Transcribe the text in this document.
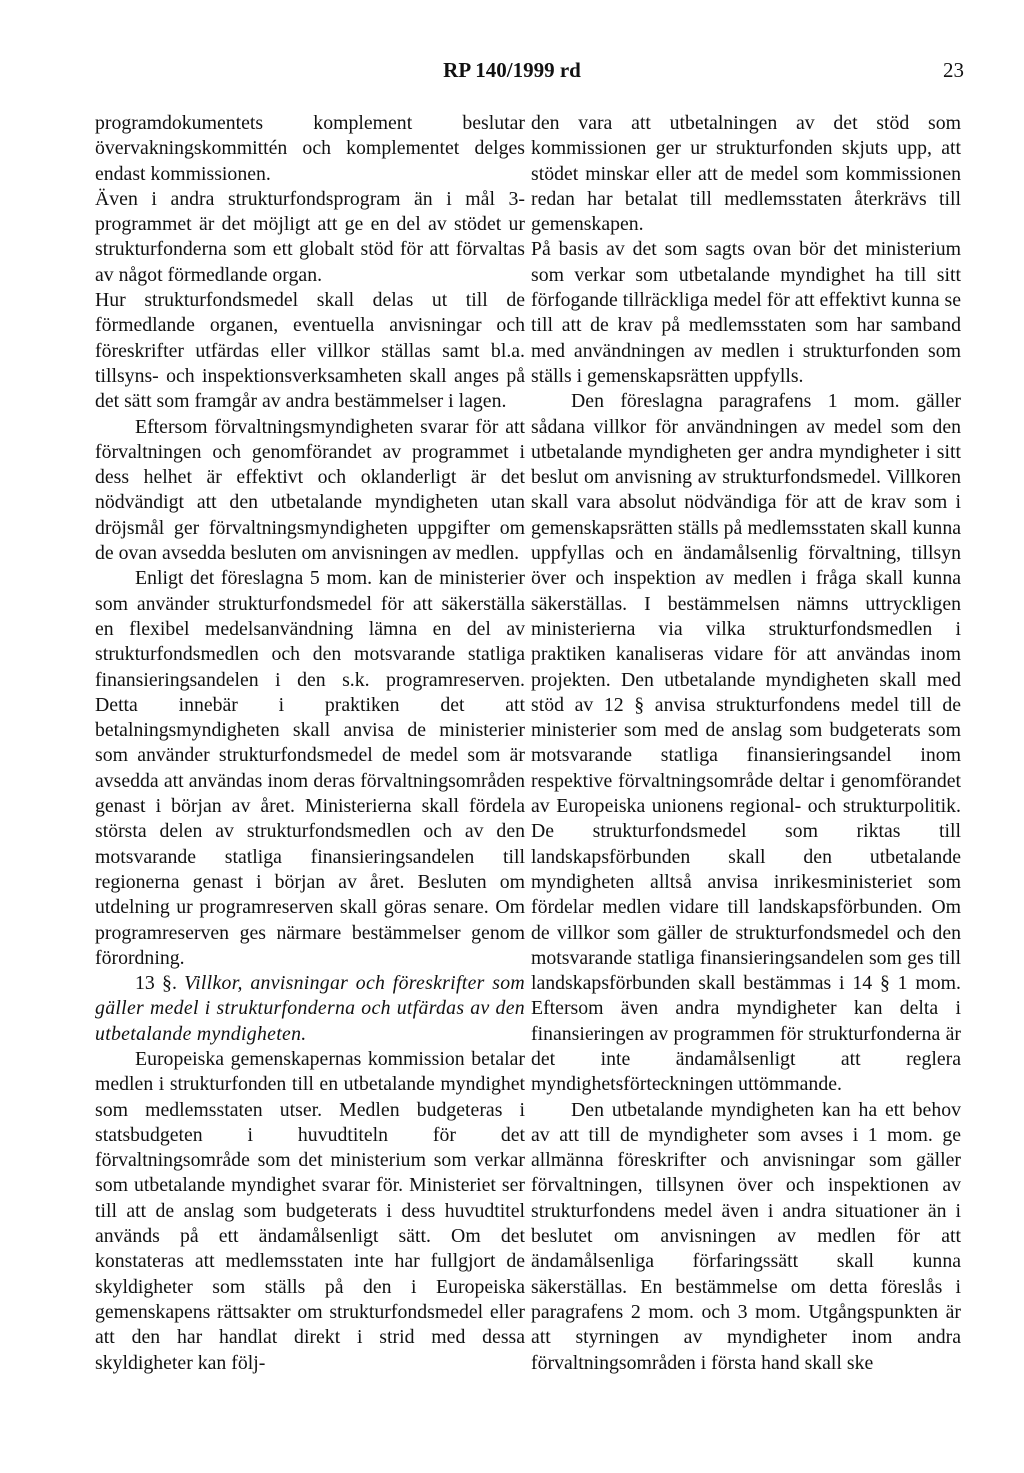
RP 140/1999 rd	23

programdokumentets komplement beslutar övervakningskommittén och komplementet delges endast kommissionen.

Även i andra strukturfondsprogram än i mål 3-programmet är det möjligt att ge en del av stödet ur strukturfonderna som ett globalt stöd för att förvaltas av något förmedlande organ.

Hur strukturfondsmedel skall delas ut till de förmedlande organen, eventuella anvisningar och föreskrifter utfärdas eller villkor ställas samt bl.a. tillsyns- och inspektionsverksamheten skall anges på det sätt som framgår av andra bestämmelser i lagen.

Eftersom förvaltningsmyndigheten svarar för att förvaltningen och genomförandet av programmet i dess helhet är effektivt och oklanderligt är det nödvändigt att den utbetalande myndigheten utan dröjsmål ger förvaltningsmyndigheten uppgifter om de ovan avsedda besluten om anvisningen av medlen.

Enligt det föreslagna 5 mom. kan de ministerier som använder strukturfondsmedel för att säkerställa en flexibel medelsanvändning lämna en del av strukturfondsmedlen och den motsvarande statliga finansieringsandelen i den s.k. programreserven. Detta innebär i praktiken det att betalningsmyndigheten skall anvisa de ministerier som använder strukturfondsmedel de medel som är avsedda att användas inom deras förvaltningsområden genast i början av året. Ministerierna skall fördela största delen av strukturfondsmedlen och av den motsvarande statliga finansieringsandelen till regionerna genast i början av året. Besluten om utdelning ur programreserven skall göras senare. Om programreserven ges närmare bestämmelser genom förordning.

13 §. Villkor, anvisningar och föreskrifter som gäller medel i strukturfonderna och utfärdas av den utbetalande myndigheten.

Europeiska gemenskapernas kommission betalar medlen i strukturfonden till en utbetalande myndighet som medlemsstaten utser. Medlen budgeteras i statsbudgeten i huvudtiteln för det förvaltningsområde som det ministerium som verkar som utbetalande myndighet svarar för. Ministeriet ser till att de anslag som budgeterats i dess huvudtitel används på ett ändamålsenligt sätt. Om det konstateras att medlemsstaten inte har fullgjort de skyldigheter som ställs på den i Europeiska gemenskapens rättsakter om strukturfondsmedel eller att den har handlat direkt i strid med dessa skyldigheter kan följ-

den vara att utbetalningen av det stöd som kommissionen ger ur strukturfonden skjuts upp, att stödet minskar eller att de medel som kommissionen redan har betalat till medlemsstaten återkrävs till gemenskapen.

På basis av det som sagts ovan bör det ministerium som verkar som utbetalande myndighet ha till sitt förfogande tillräckliga medel för att effektivt kunna se till att de krav på medlemsstaten som har samband med användningen av medlen i strukturfonden som ställs i gemenskapsrätten uppfylls.

Den föreslagna paragrafens 1 mom. gäller sådana villkor för användningen av medel som den utbetalande myndigheten ger andra myndigheter i sitt beslut om anvisning av strukturfondsmedel. Villkoren skall vara absolut nödvändiga för att de krav som i gemenskapsrätten ställs på medlemsstaten skall kunna uppfyllas och en ändamålsenlig förvaltning, tillsyn över och inspektion av medlen i fråga skall kunna säkerställas. I bestämmelsen nämns uttryckligen ministerierna via vilka strukturfondsmedlen i praktiken kanaliseras vidare för att användas inom projekten. Den utbetalande myndigheten skall med stöd av 12 § anvisa strukturfondens medel till de ministerier som med de anslag som budgeterats som motsvarande statliga finansieringsandel inom respektive förvaltningsområde deltar i genomförandet av Europeiska unionens regional- och strukturpolitik. De strukturfondsmedel som riktas till landskapsförbunden skall den utbetalande myndigheten alltså anvisa inrikesministeriet som fördelar medlen vidare till landskapsförbunden. Om de villkor som gäller de strukturfondsmedel och den motsvarande statliga finansieringsandelen som ges till landskapsförbunden skall bestämmas i 14 § 1 mom. Eftersom även andra myndigheter kan delta i finansieringen av programmen för strukturfonderna är det inte ändamålsenligt att reglera myndighetsförteckningen uttömmande.

Den utbetalande myndigheten kan ha ett behov av att till de myndigheter som avses i 1 mom. ge allmänna föreskrifter och anvisningar som gäller förvaltningen, tillsynen över och inspektionen av strukturfondens medel även i andra situationer än i beslutet om anvisningen av medlen för att ändamålsenliga förfaringssätt skall kunna säkerställas. En bestämmelse om detta föreslås i paragrafens 2 mom. och 3 mom. Utgångspunkten är att styrningen av myndigheter inom andra förvaltningsområden i första hand skall ske
